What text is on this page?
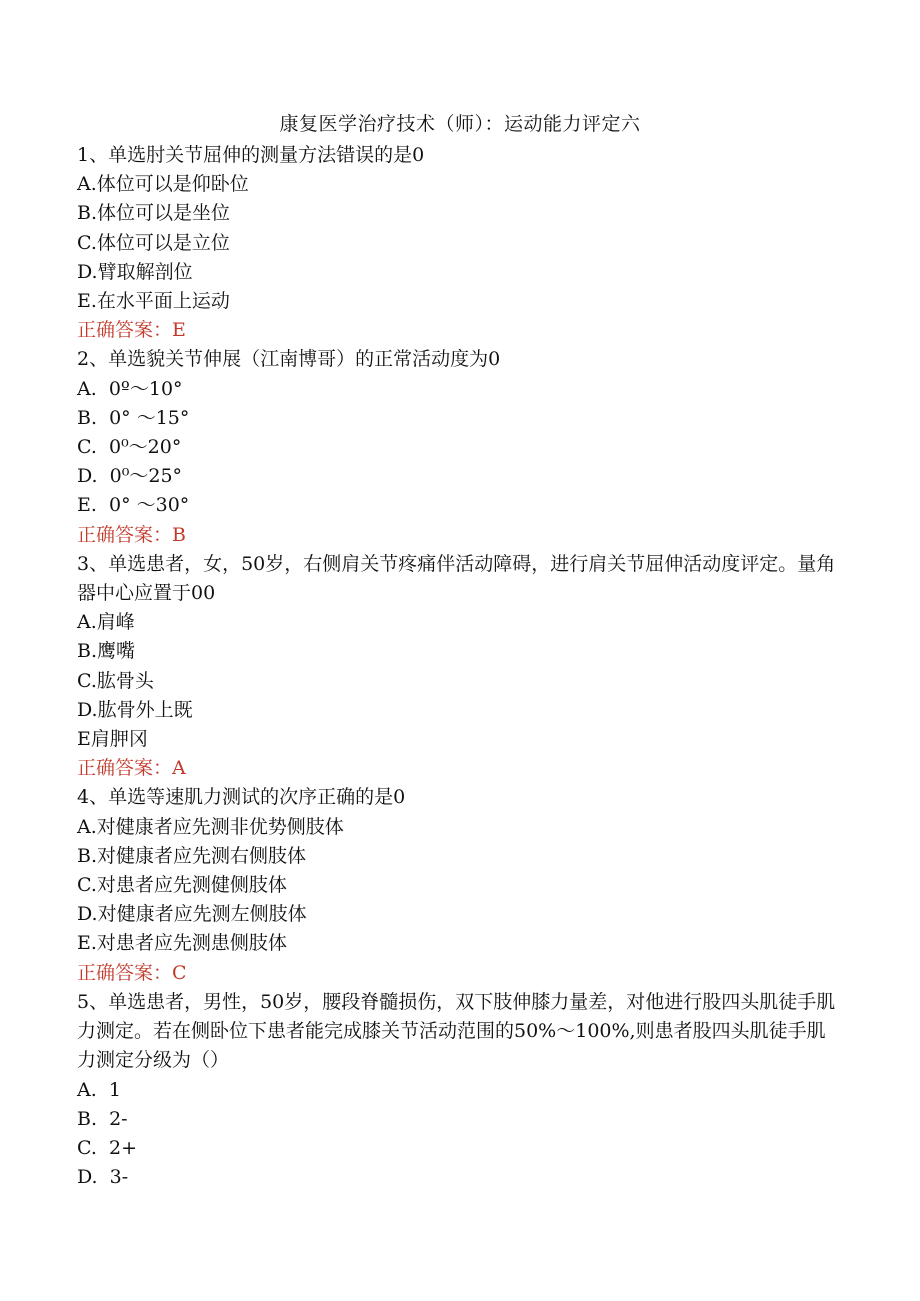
康复医学治疗技术（师）：运动能力评定六
1、单选肘关节屈伸的测量方法错误的是0
A.体位可以是仰卧位
B.体位可以是坐位
C.体位可以是立位
D.臂取解剖位
E.在水平面上运动
正确答案：E
2、单选貌关节伸展（江南博哥）的正常活动度为0
A.  0º～10°
B.  0° ～15°
C.  0⁰～20°
D.  0⁰～25°
E.  0° ～30°
正确答案：B
3、单选患者，女，50岁，右侧肩关节疼痛伴活动障碍，进行肩关节屈伸活动度评定。量角器中心应置于00
A.肩峰
B.鹰嘴
C.肱骨头
D.肱骨外上既
E肩胛冈
正确答案：A
4、单选等速肌力测试的次序正确的是0
A.对健康者应先测非优势侧肢体
B.对健康者应先测右侧肢体
C.对患者应先测健侧肢体
D.对健康者应先测左侧肢体
E.对患者应先测患侧肢体
正确答案：C
5、单选患者，男性，50岁，腰段脊髓损伤，双下肢伸膝力量差，对他进行股四头肌徒手肌力测定。若在侧卧位下患者能完成膝关节活动范围的50%～100%,则患者股四头肌徒手肌力测定分级为（）
A.  1
B.  2-
C.  2+
D.  3-
